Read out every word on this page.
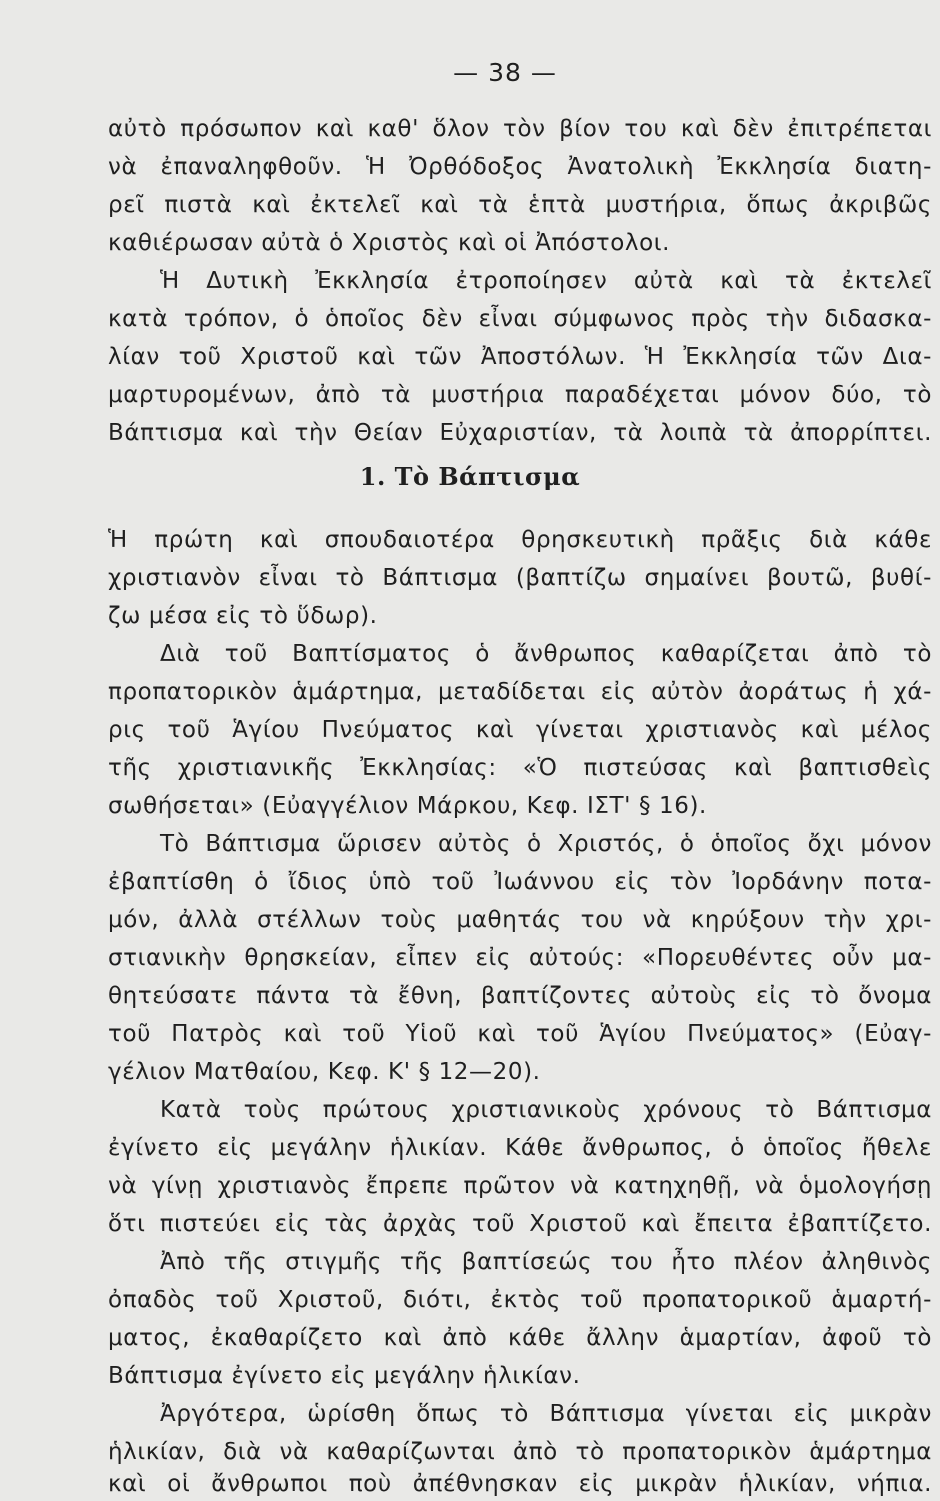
— 38 —
αὐτὸ πρόσωπον καὶ καθ' ὅλον τὸν βίον του καὶ δὲν ἐπιτρέπεται
νὰ ἐπαναληφθοῦν. Ἡ Ὀρθόδοξος Ἀνατολικὴ Ἐκκλησία διατη-
ρεῖ πιστὰ καὶ ἐκτελεῖ καὶ τὰ ἑπτὰ μυστήρια, ὅπως ἀκριβῶς
καθιέρωσαν αὐτὰ ὁ Χριστὸς καὶ οἱ Ἀπόστολοι.
Ἡ Δυτικὴ Ἐκκλησία ἐτροποίησεν αὐτὰ καὶ τὰ ἐκτελεῖ
κατὰ τρόπον, ὁ ὁποῖος δὲν εἶναι σύμφωνος πρὸς τὴν διδασκα-
λίαν τοῦ Χριστοῦ καὶ τῶν Ἀποστόλων. Ἡ Ἐκκλησία τῶν Δια-
μαρτυρομένων, ἀπὸ τὰ μυστήρια παραδέχεται μόνον δύο, τὸ
Βάπτισμα καὶ τὴν Θείαν Εὐχαριστίαν, τὰ λοιπὰ τὰ ἀπορρίπτει.
1. Τὸ Βάπτισμα
Ἡ πρώτη καὶ σπουδαιοτέρα θρησκευτικὴ πρᾶξις διὰ κάθε
χριστιανὸν εἶναι τὸ Βάπτισμα (βαπτίζω σημαίνει βουτῶ, βυθί-
ζω μέσα εἰς τὸ ὕδωρ).
Διὰ τοῦ Βαπτίσματος ὁ ἄνθρωπος καθαρίζεται ἀπὸ τὸ
προπατορικὸν ἁμάρτημα, μεταδίδεται εἰς αὐτὸν ἀοράτως ἡ χά-
ρις τοῦ Ἁγίου Πνεύματος καὶ γίνεται χριστιανὸς καὶ μέλος
τῆς χριστιανικῆς Ἐκκλησίας: «Ὁ πιστεύσας καὶ βαπτισθεὶς
σωθήσεται» (Εὐαγγέλιον Μάρκου, Κεφ. ΙΣΤ' § 16).
Τὸ Βάπτισμα ὥρισεν αὐτὸς ὁ Χριστός, ὁ ὁποῖος ὄχι μόνον
ἐβαπτίσθη ὁ ἴδιος ὑπὸ τοῦ Ἰωάννου εἰς τὸν Ἰορδάνην ποτα-
μόν, ἀλλὰ στέλλων τοὺς μαθητάς του νὰ κηρύξουν τὴν χρι-
στιανικὴν θρησκείαν, εἶπεν εἰς αὐτούς: «Πορευθέντες οὖν μα-
θητεύσατε πάντα τὰ ἔθνη, βαπτίζοντες αὐτοὺς εἰς τὸ ὄνομα
τοῦ Πατρὸς καὶ τοῦ Υἱοῦ καὶ τοῦ Ἁγίου Πνεύματος» (Εὐαγ-
γέλιον Ματθαίου, Κεφ. Κ' § 12—20).
Κατὰ τοὺς πρώτους χριστιανικοὺς χρόνους τὸ Βάπτισμα
ἐγίνετο εἰς μεγάλην ἡλικίαν. Κάθε ἄνθρωπος, ὁ ὁποῖος ἤθελε
νὰ γίνῃ χριστιανὸς ἔπρεπε πρῶτον νὰ κατηχηθῇ, νὰ ὁμολογήσῃ
ὅτι πιστεύει εἰς τὰς ἀρχὰς τοῦ Χριστοῦ καὶ ἔπειτα ἐβαπτίζετο.
Ἀπὸ τῆς στιγμῆς τῆς βαπτίσεώς του ἦτο πλέον ἀληθινὸς
ὀπαδὸς τοῦ Χριστοῦ, διότι, ἐκτὸς τοῦ προπατορικοῦ ἁμαρτή-
ματος, ἐκαθαρίζετο καὶ ἀπὸ κάθε ἄλλην ἁμαρτίαν, ἀφοῦ τὸ
Βάπτισμα ἐγίνετο εἰς μεγάλην ἡλικίαν.
Ἀργότερα, ὡρίσθη ὅπως τὸ Βάπτισμα γίνεται εἰς μικρὰν
ἡλικίαν, διὰ νὰ καθαρίζωνται ἀπὸ τὸ προπατορικὸν ἁμάρτημα
καὶ οἱ ἄνθρωποι ποὺ ἀπέθνησκαν εἰς μικρὰν ἡλικίαν, νήπια.
